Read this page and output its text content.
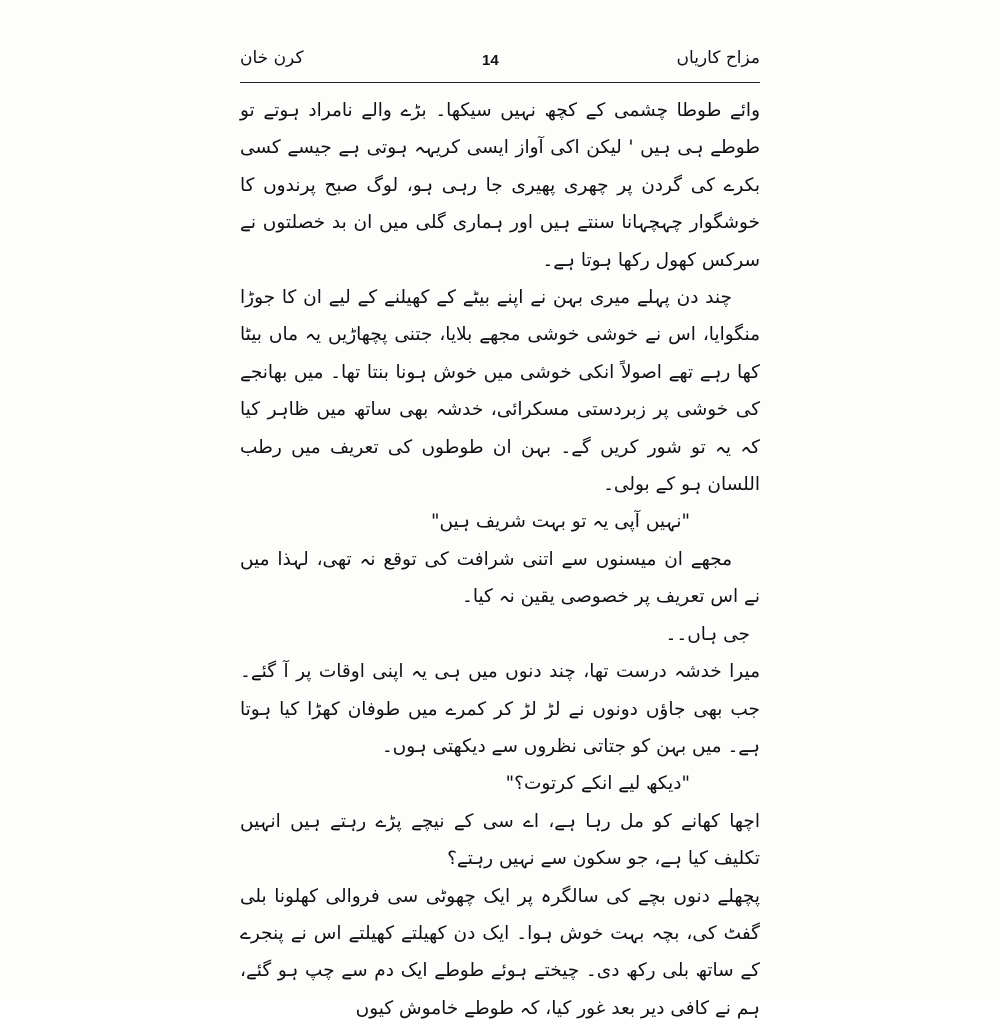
مزاح کاریاں
14
کرن خان

وائے طوطا چشمی کے کچھ نہیں سیکھا۔ بڑے والے نامراد ہوتے تو طوطے ہی ہیں ' لیکن اکی آواز ایسی کریہہ ہوتی ہے جیسے کسی بکرے کی گردن پر چھری پھیری جا رہی ہو، لوگ صبح پرندوں کا خوشگوار چہچہانا سنتے ہیں اور ہماری گلی میں ان بد خصلتوں نے سرکس کھول رکھا ہوتا ہے۔

چند دن پہلے میری بہن نے اپنے بیٹے کے کھیلنے کے لیے ان کا جوڑا منگوایا، اس نے خوشی خوشی مجھے بلایا، جتنی پچھاڑیں یہ ماں بیٹا کھا رہے تھے اصولاً انکی خوشی میں خوش ہونا بنتا تھا۔ میں بھانجے کی خوشی پر زبردستی مسکرائی، خدشہ بھی ساتھ میں ظاہر کیا کہ یہ تو شور کریں گے۔ بہن ان طوطوں کی تعریف میں رطب اللسان ہو کے بولی۔

"نہیں آپی یہ تو بہت شریف ہیں"

مجھے ان میسنوں سے اتنی شرافت کی توقع نہ تھی، لہذا میں نے اس تعریف پر خصوصی یقین نہ کیا۔

جی ہاں۔۔

میرا خدشہ درست تھا، چند دنوں میں ہی یہ اپنی اوقات پر آ گئے۔ جب بھی جاؤں دونوں نے لڑ لڑ کر کمرے میں طوفان کھڑا کیا ہوتا ہے۔ میں بہن کو جتاتی نظروں سے دیکھتی ہوں۔

"دیکھ لیے انکے کرتوت؟"

اچھا کھانے کو مل رہا ہے، اے سی کے نیچے پڑے رہتے ہیں انہیں تکلیف کیا ہے، جو سکون سے نہیں رہتے؟

پچھلے دنوں بچے کی سالگرہ پر ایک چھوٹی سی فروالی کھلونا بلی گفٹ کی، بچہ بہت خوش ہوا۔ ایک دن کھیلتے کھیلتے اس نے پنجرے کے ساتھ بلی رکھ دی۔ چیختے ہوئے طوطے ایک دم سے چپ ہو گئے، ہم نے کافی دیر بعد غور کیا، کہ طوطے خاموش کیوں
